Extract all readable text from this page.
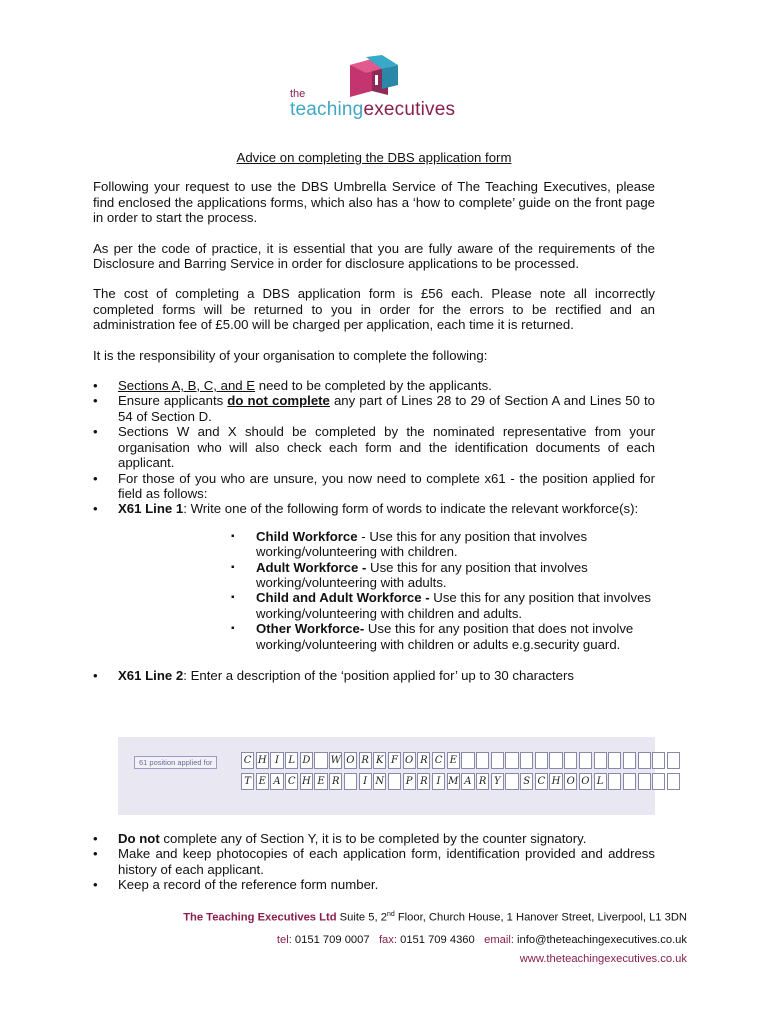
the
teachingexecutives
Advice on completing the DBS application form

Following your request to use the DBS Umbrella Service of The Teaching Executives, please find enclosed the applications forms, which also has a ‘how to complete’ guide on the front page in order to start the process.

As per the code of practice, it is essential that you are fully aware of the requirements of the Disclosure and Barring Service in order for disclosure applications to be processed.

The cost of completing a DBS application form is £56 each. Please note all incorrectly completed forms will be returned to you in order for the errors to be rectified and an administration fee of £5.00 will be charged per application, each time it is returned.

It is the responsibility of your organisation to complete the following:

• Sections A, B, C, and E need to be completed by the applicants.
• Ensure applicants do not complete any part of Lines 28 to 29 of Section A and Lines 50 to 54 of Section D.
• Sections W and X should be completed by the nominated representative from your organisation who will also check each form and the identification documents of each applicant.
• For those of you who are unsure, you now need to complete x61 - the position applied for field as follows:
• X61 Line 1: Write one of the following form of words to indicate the relevant workforce(s):
▪ Child Workforce - Use this for any position that involves working/volunteering with children.
▪ Adult Workforce - Use this for any position that involves working/volunteering with adults.
▪ Child and Adult Workforce - Use this for any position that involves working/volunteering with children and adults.
▪ Other Workforce- Use this for any position that does not involve working/volunteering with children or adults e.g.security guard.
• X61 Line 2: Enter a description of the ‘position applied for’ up to 30 characters
61 position applied for	C H I L D W O R K F O R C E
T E A C H E R	I N	P R I M A R Y	S C H O O L
• Do not complete any of Section Y, it is to be completed by the counter signatory.
• Make and keep photocopies of each application form, identification provided and address history of each applicant.
• Keep a record of the reference form number.
The Teaching Executives Ltd Suite 5, 2nd Floor, Church House, 1 Hanover Street, Liverpool, L1 3DN
tel: 0151 709 0007 fax: 0151 709 4360 email: info@theteachingexecutives.co.uk
www.theteachingexecutives.co.uk
